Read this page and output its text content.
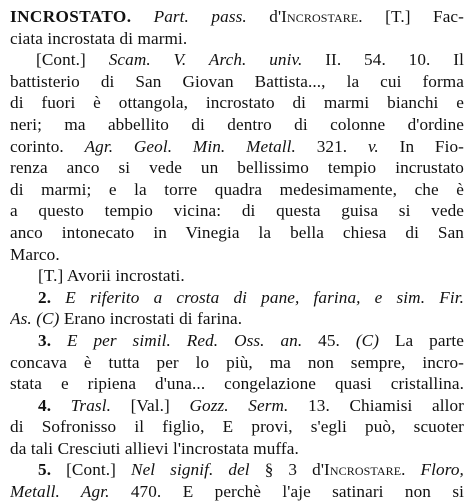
INCROSTATO. Part. pass. d'Incrostare. [T.] Fac-
ciata incrostata di marmi.
[Cont.] Scam. V. Arch. univ. II. 54. 10. Il
battisterio di San Giovan Battista..., la cui forma
di fuori è ottangola, incrostato di marmi bianchi e
neri; ma abbellito di dentro di colonne d'ordine
corinto. Agr. Geol. Min. Metall. 321. v. In Fio-
renza anco si vede un bellissimo tempio incrustato
di marmi; e la torre quadra medesimamente, che è
a questo tempio vicina: di questa guisa si vede
anco intonecato in Vinegia la bella chiesa di San
Marco.
[T.] Avorii incrostati.
2. E riferito a crosta di pane, farina, e sim. Fir.
As. (C) Erano incrostati di farina.
3. E per simil. Red. Oss. an. 45. (C) La parte
concava è tutta per lo più, ma non sempre, incro-
stata e ripiena d'una... congelazione quasi cristallina.
4. Trasl. [Val.] Gozz. Serm. 13. Chiamisi allor
di Sofronisso il figlio, E provi, s'egli può, scuoter
da tali Cresciuti allievi l'incrostata muffa.
5. [Cont.] Nel signif. del § 3 d'Incrostare. Floro,
Metall. Agr. 470. E perchè l'aje satinari non si
